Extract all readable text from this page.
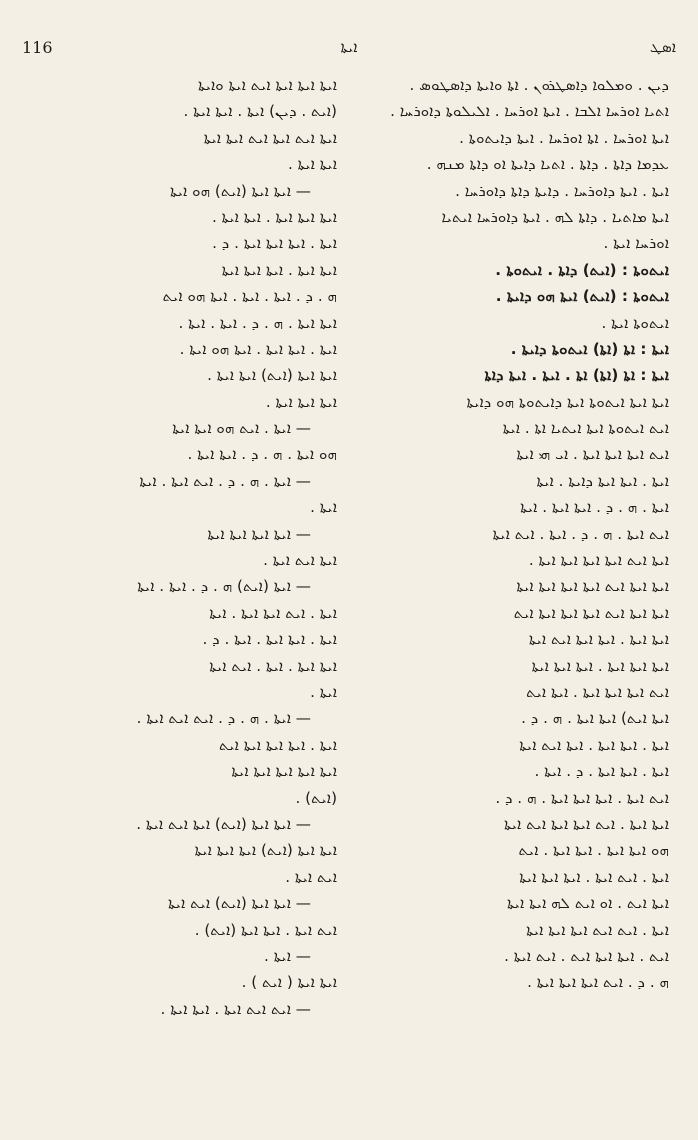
116	ܐܝܬܐ	ܐܣܛ
ܕܝܢ . ܘܡܠܘܐ ܕܐܣܛܪܘܢ . ܐܬܐ ܘܐܝܬܐ ܕܐܣܛܘܣ .
ܐܬܝܐ ܐܘܪܚܐ ܐܠܒܐ . ܐܝܬܐ ܐܘܪܚܐ . ܐܠܝܠܘܬܐ ܕܐܘܪܚܐ .
ܐܝܬܐ ܐܘܪܚܐ . ܐܬܐ ܐܘܪܚܐ . ܐܝܬܐ ܕܐܝܬܘܬܐ .
ܥܕܡܐ ܕܐܬܐ . ܕܐܬܐ . ܐܬܝܐ ܕܐܝܬܐ ܐܘ ܕܐܬܐ ܡܢܗ .
ܐܝܬܐ . ܐܝܬܐ ܕܐܘܪܚܐ . ܕܐܝܬܐ ܕܐܬܐ ܕܐܘܪܚܐ .
ܐܝܬܐ ܡܐܬܝܐ . ܕܐܬܐ ܠܗ . ܐܝܬܐ ܕܐܘܪܚܐ ܐܝܬܝܐ
ܐܘܪܚܐ ܐܝܬܐ .
ܐܝܬܘܬܐ : (ܐܝܬ) ܕܐܬܐ . ܐܝܬܘܬܐ .
ܐܝܬܘܬܐ : (ܐܝܬ) ܐܝܬܐ ܗܘ ܕܐܝܬܐ .
ܐܝܬܘܬܐ ܐܝܬܐ .
ܐܝܬܐ : ܐܬܐ (ܐܬܐ) ܐܝܬܘܬܐ ܕܐܝܬܐ .
ܐܝܬܐ : ܐܬܐ (ܐܬܐ) ܐܬܐ . ܐܝܬܐ . ܐܝܬܐ ܕܐܬܐ
ܐܝܬܐ ܐܝܬܐ ܐܝܬܘܬܐ ܐܝܬܐ ܕܐܝܬܘܬܐ ܗܘ ܕܐܝܬܐ
ܐܝܬ ܐܝܬܘܬܐ ܐܝܬܐ ܐܝܬܝܐ ܐܬܐ . ܐܝܬܐ
ܐܝܬ ܐܝܬܐ ܐܝܬܐ ܐܝܬܐ . ܐܝ ܗܝ ܐܝܬܐ
ܐܝܬܐ . ܐܝܬܐ ܐܝܬܐ ܕܐܝܬܐ . ܐܝܬܐ
ܐܝܬܐ . ܗ . ܕ . ܐܝܬܐ ܐܝܬܐ . ܐܝܬܐ
ܐܝܬ ܐܝܬܐ . ܗ . ܕ . ܐܝܬܐ . ܐܝܬ ܐܝܬܐ
ܐܝܬܐ ܐܝܬ ܐܝܬܐ ܐܝܬܐ ܐܝܬܐ ܐܝܬܐ .
ܐܝܬܐ ܐܝܬܐ ܐܝܬ ܐܝܬܐ ܐܝܬܐ ܐܝܬܐ ܐܝܬܐ
ܐܝܬܐ ܐܝܬܐ ܐܝܬ ܐܝܬܐ ܐܝܬܐ ܐܝܬܐ ܐܝܬ
ܐܝܬܐ ܐܝܬܐ . ܐܝܬܐ ܐܝܬܐ ܐܝܬ ܐܝܬܐ
ܐܝܬܐ ܐܝܬܐ ܐܝܬܐ . ܐܝܬܐ ܐܝܬܐ ܐܝܬܐ
ܐܝܬ ܐܝܬܐ ܐܝܬܐ ܐܝܬܐ . ܐܝܬܐ ܐܝܬ
ܐܝܬܐ ܐܝܬ) ܐܝܬܐ ܐܝܬܐ . ܗ . ܕ .
ܐܝܬܐ . ܐܝܬܐ ܐܝܬܐ . ܐܝܬܐ ܐܝܬ ܐܝܬܐ
ܐܝܬܐ . ܐܝܬܐ ܐܝܬܐ . ܕ . ܐܝܬܐ .
ܐܝܬ ܐܝܬܐ . ܐܝܬܐ ܐܝܬܐ ܐܝܬܐ . ܗ . ܕ .
ܐܝܬܐ ܐܝܬܐ . ܐܝܬ ܐܝܬܐ ܐܝܬܐ ܐܝܬ ܐܝܬܐ
ܗܘ ܐܝܬܐ ܐܝܬܐ . ܐܝܬܐ ܐܝܬܐ . ܐܝܬ
ܐܝܬܐ . ܐܝܬ ܐܝܬܐ . ܐܝܬܐ ܐܝܬܐ ܐܝܬܐ
ܐܝܬܐ ܐܝܬ . ܐܘ ܐܝܬ ܠܗ ܐܝܬܐ ܐܝܬܐ
ܐܝܬܐ . ܐܝܬ ܐܝܬ ܐܝܬܐ ܐܝܬܐ ܐܝܬܐ
ܐܝܬ . ܐܝܬܐ ܐܝܬܐ ܐܝܬ . ܐܝܬ ܐܝܬܐ .
ܗ . ܕ . ܐܝܬ ܐܝܬܐ ܐܝܬܐ ܐܝܬܐ .
ܐܝܬܐ ܐܝܬܐ ܐܝܬܐ ܐܝܬ ܐܝܬܐ ܘܐܝܬܐ
(ܐܝܬ . ܕܝܢ) ܐܝܬܐ . ܐܝܬܐ ܐܝܬܐ .
ܐܝܬܐ ܐܝܬ ܐܝܬܐ ܐܝܬ ܐܝܬܐ ܐܝܬܐ
ܐܝܬܐ ܐܝܬܐ .
— ܐܝܬܐ ܐܝܬܐ (ܐܝܬ) ܗܘ ܐܝܬܐ
ܐܝܬܐ ܐܝܬܐ ܐܝܬܐ . ܐܝܬܐ ܐܝܬܐ .
ܐܝܬܐ . ܐܝܬܐ ܐܝܬܐ ܐܝܬܐ . ܕ .
ܐܝܬܐ ܐܝܬܐ . ܐܝܬܐ ܐܝܬܐ ܐܝܬܐ
ܗ . ܕ . ܐܝܬܐ . ܐܝܬܐ . ܐܝܬܐ ܗܘ ܐܝܬ
ܐܝܬܐ ܐܝܬܐ . ܗ . ܕ . ܐܝܬܐ . ܐܝܬܐ .
ܐܝܬܐ . ܐܝܬܐ ܐܝܬܐ . ܐܝܬܐ ܗܘ ܐܝܬܐ .
ܐܝܬܐ ܐܝܬܐ (ܐܝܬ) ܐܝܬܐ ܐܝܬܐ .
ܐܝܬܐ ܐܝܬܐ ܐܝܬܐ .
— ܐܝܬܐ . ܐܝܬ ܗܘ ܐܝܬܐ ܐܝܬܐ
ܗܘ ܐܝܬܐ . ܗ . ܕ . ܐܝܬܐ ܐܝܬܐ .
— ܐܝܬܐ . ܗ . ܕ . ܐܝܬ ܐܝܬܐ . ܐܝܬܐ
ܐܝܬܐ .
— ܐܝܬܐ ܐܝܬܐ ܐܝܬܐ ܐܝܬܐ
ܐܝܬܐ ܐܝܬ ܐܝܬܐ .
— ܐܝܬܐ (ܐܝܬ) ܗ . ܕ . ܐܝܬܐ . ܐܝܬܐ
ܐܝܬܐ . ܐܝܬ ܐܝܬܐ ܐܝܬܐ . ܐܝܬܐ
ܐܝܬܐ . ܐܝܬܐ ܐܝܬܐ . ܐܝܬܐ . ܕ .
ܐܝܬܐ ܐܝܬܐ . ܐܝܬܐ . ܐܝܬ ܐܝܬܐ
ܐܝܬܐ .
— ܐܝܬܐ . ܗ . ܕ . ܐܝܬ ܐܝܬ ܐܝܬܐ .
ܐܝܬܐ . ܐܝܬܐ ܐܝܬܐ ܐܝܬܐ ܐܝܬ
ܐܝܬܐ ܐܝܬܐ ܐܝܬܐ ܐܝܬܐ ܐܝܬܐ
(ܐܝܬ) .
— ܐܝܬܐ ܐܝܬܐ (ܐܝܬ) ܐܝܬܐ ܐܝܬ ܐܝܬܐ .
ܐܝܬܐ ܐܝܬܐ (ܐܝܬ) ܐܝܬܐ ܐܝܬܐ ܐܝܬܐ
ܐܝܬ ܐܝܬܐ .
— ܐܝܬܐ ܐܝܬܐ (ܐܝܬ) ܐܝܬ ܐܝܬܐ
ܐܝܬ ܐܝܬܐ . ܐܝܬܐ ܐܝܬܐ (ܐܝܬ) .
— ܐܝܬܐ .
ܐܝܬܐ ܐܝܬܐ ( ܐܝܬ ) .
— ܐܝܬ ܐܝܬ ܐܝܬܐ . ܐܝܬܐ ܐܝܬܐ .
